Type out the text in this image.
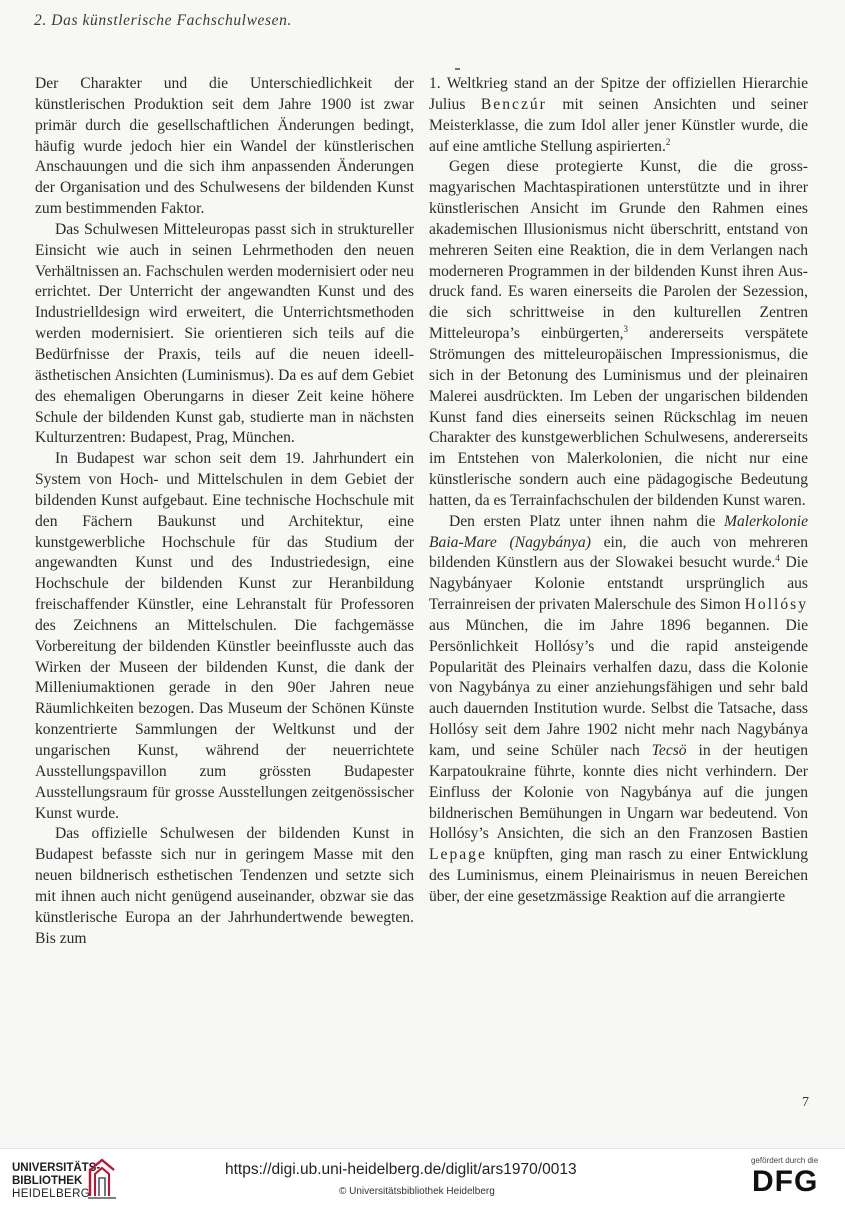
2. Das künstlerische Fachschulwesen.

Der Charakter und die Unterschiedlichkeit der künstlerischen Produktion seit dem Jahre 1900 ist zwar primär durch die gesellschaftlichen Änderungen bedingt, häufig wurde jedoch hier ein Wandel der künstlerischen Anschauungen und die sich ihm anpassenden Änderungen der Organisation und des Schulwesens der bildenden Kunst zum bestimmenden Faktor.

Das Schulwesen Mitteleuropas passt sich in struktureller Einsicht wie auch in seinen Lehrmethoden den neuen Verhältnissen an. Fachschulen werden modernisiert oder neu errichtet. Der Unterricht der angewandten Kunst und des Industrielldesign wird erweitert, die Unterrichtsmethoden werden modernisiert. Sie orientieren sich teils auf die Bedürfnisse der Praxis, teils auf die neuen ideell-ästhetischen Ansichten (Luminismus). Da es auf dem Gebiet des ehemaligen Oberungarns in dieser Zeit keine höhere Schule der bildenden Kunst gab, studierte man in nächsten Kulturzentren: Budapest, Prag, München.

In Budapest war schon seit dem 19. Jahrhundert ein System von Hoch- und Mittelschulen in dem Gebiet der bildenden Kunst aufgebaut. Eine technische Hochschule mit den Fächern Baukunst und Architektur, eine kunstgewerbliche Hochschule für das Studium der angewandten Kunst und des Industriedesign, eine Hochschule der bildenden Kunst zur Heranbildung freischaffender Künstler, eine Lehranstalt für Professoren des Zeichnens an Mittelschulen. Die fachgemässe Vorbereitung der bildenden Künstler beeinflusste auch das Wirken der Museen der bildenden Kunst, die dank der Milleniumaktionen gerade in den 90er Jahren neue Räumlichkeiten bezogen. Das Museum der Schönen Künste konzentrierte Sammlungen der Weltkunst und der ungarischen Kunst, während der neuerrichtete Ausstellungspavillon zum grössten Budapester Ausstellungsraum für grosse Ausstellungen zeitgenössischer Kunst wurde.

Das offizielle Schulwesen der bildenden Kunst in Budapest befasste sich nur in geringem Masse mit den neuen bildnerisch esthetischen Tendenzen und setzte sich mit ihnen auch nicht genügend auseinander, obzwar sie das künstlerische Europa an der Jahrhundertwende bewegten. Bis zum

1. Weltkrieg stand an der Spitze der offiziellen Hierarchie Julius Benczúr mit seinen Ansichten und seiner Meisterklasse, die zum Idol aller jener Künstler wurde, die auf eine amtliche Stellung aspirierten.$^2$

Gegen diese protegierte Kunst, die die grossmagyarischen Machtaspirationen unterstützte und in ihrer künstlerischen Ansicht im Grunde den Rahmen eines akademischen Illusionismus nicht überschritt, entstand von mehreren Seiten eine Reaktion, die in dem Verlangen nach moderneren Programmen in der bildenden Kunst ihren Ausdruck fand. Es waren einerseits die Parolen der Sezession, die sich schrittweise in den kulturellen Zentren Mitteleuropa’s einbürgerten,$^3$ andererseits verspätete Strömungen des mitteleuropäischen Impressionismus, die sich in der Betonung des Luminismus und der pleinairen Malerei ausdrückten. Im Leben der ungarischen bildenden Kunst fand dies einerseits seinen Rückschlag im neuen Charakter des kunstgewerblichen Schulwesens, andererseits im Entstehen von Malerkolonien, die nicht nur eine künstlerische sondern auch eine pädagogische Bedeutung hatten, da es Terrainfachschulen der bildenden Kunst waren.

Den ersten Platz unter ihnen nahm die Malerkolonie Baia-Mare (Nagybánya) ein, die auch von mehreren bildenden Künstlern aus der Slowakei besucht wurde.$^4$ Die Nagybányaer Kolonie entstandt ursprünglich aus Terrainreisen der privaten Malerschule des Simon Hollósy aus München, die im Jahre 1896 begannen. Die Persönlichkeit Hollósy’s und die rapid ansteigende Popularität des Pleinairs verhalfen dazu, dass die Kolonie von Nagybánya zu einer anziehungsfähigen und sehr bald auch dauernden Institution wurde. Selbst die Tatsache, dass Hollósy seit dem Jahre 1902 nicht mehr nach Nagybánya kam, und seine Schüler nach Tecsö in der heutigen Karpatoukraine führte, konnte dies nicht verhindern. Der Einfluss der Kolonie von Nagybánya auf die jungen bildnerischen Bemühungen in Ungarn war bedeutend. Von Hollósy’s Ansichten, die sich an den Franzosen Bastien Lepage knüpften, ging man rasch zu einer Entwicklung des Luminismus, einem Pleinairismus in neuen Bereichen über, der eine gesetzmässige Reaktion auf die arrangierte

7
UNIVERSITÄTS-
BIBLIOTHEK
HEIDELBERG
https://digi.ub.uni-heidelberg.de/diglit/ars1970/0013
© Universitätsbibliothek Heidelberg
gefördert durch die
DFG
